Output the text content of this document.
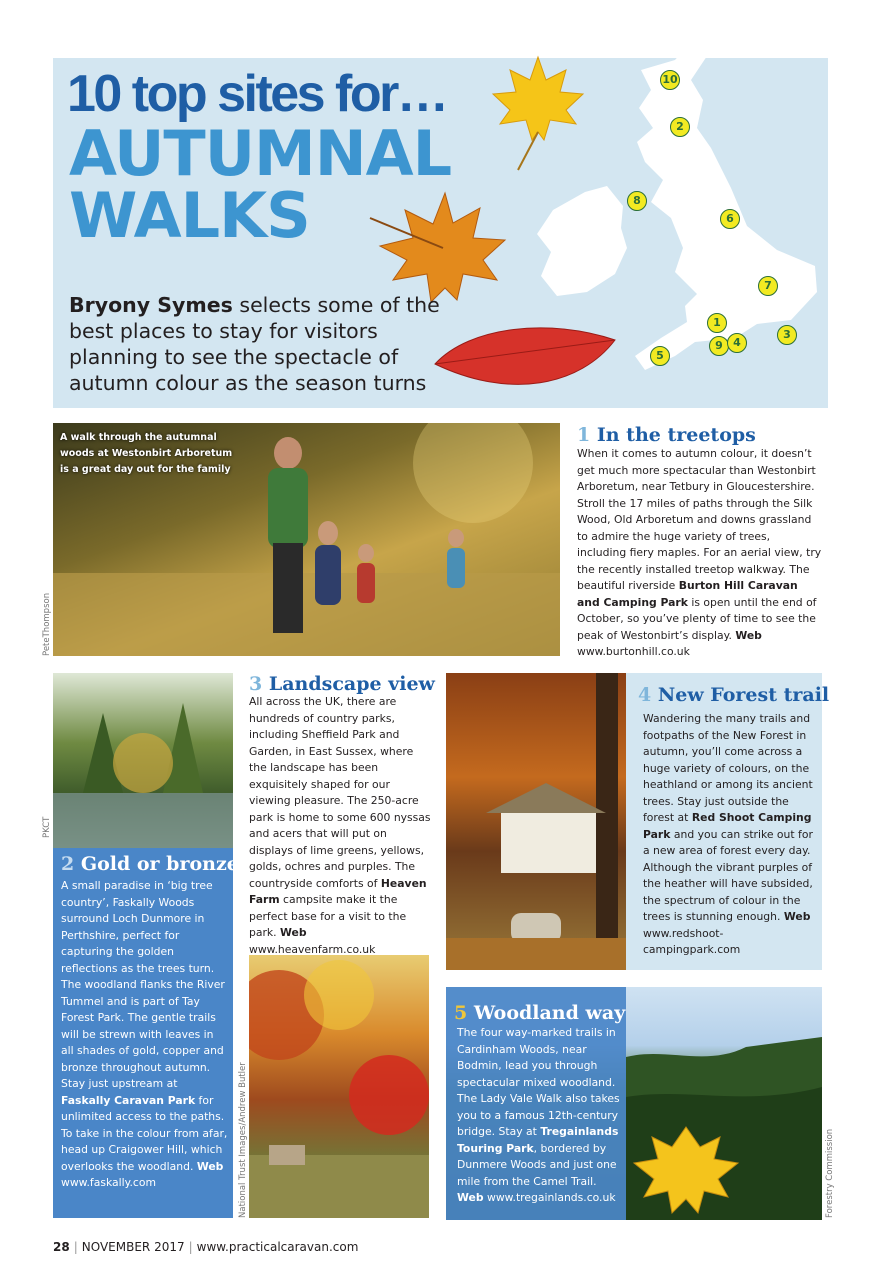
10 top sites for…
AUTUMNAL
WALKS
10
2
8
6
7
1
3
9 4
5
Bryony Symes selects some of the best places to stay for visitors planning to see the spectacle of autumn colour as the season turns
A walk through the autumnal woods at Westonbirt Arboretum is a great day out for the family
PeteThompson
1 In the treetops
When it comes to autumn colour, it doesn’t get much more spectacular than Westonbirt Arboretum, near Tetbury in Gloucestershire. Stroll the 17 miles of paths through the Silk Wood, Old Arboretum and downs grassland to admire the huge variety of trees, including fiery maples. For an aerial view, try the recently installed treetop walkway. The beautiful riverside Burton Hill Caravan and Camping Park is open until the end of October, so you’ve plenty of time to see the peak of Westonbirt’s display. Web www.burtonhill.co.uk
PKCT
2 Gold or bronze
A small paradise in ‘big tree country’, Faskally Woods surround Loch Dunmore in Perthshire, perfect for capturing the golden reflections as the trees turn. The woodland flanks the River Tummel and is part of Tay Forest Park. The gentle trails will be strewn with leaves in all shades of gold, copper and bronze throughout autumn. Stay just upstream at Faskally Caravan Park for unlimited access to the paths. To take in the colour from afar, head up Craigower Hill, which overlooks the woodland. Web www.faskally.com
3 Landscape view
All across the UK, there are hundreds of country parks, including Sheffield Park and Garden, in East Sussex, where the landscape has been exquisitely shaped for our viewing pleasure. The 250-acre park is home to some 600 nyssas and acers that will put on displays of lime greens, yellows, golds, ochres and purples. The countryside comforts of Heaven Farm campsite make it the perfect base for a visit to the park. Web www.heavenfarm.co.uk
National Trust Images/Andrew Butler
4 New Forest trail
Wandering the many trails and footpaths of the New Forest in autumn, you’ll come across a huge variety of colours, on the heathland or among its ancient trees. Stay just outside the forest at Red Shoot Camping Park and you can strike out for a new area of forest every day. Although the vibrant purples of the heather will have subsided, the spectrum of colour in the trees is stunning enough. Web www.redshoot-campingpark.com
5 Woodland way
The four way-marked trails in Cardinham Woods, near Bodmin, lead you through spectacular mixed woodland. The Lady Vale Walk also takes you to a famous 12th-century bridge. Stay at Tregainlands Touring Park, bordered by Dunmere Woods and just one mile from the Camel Trail. Web www.tregainlands.co.uk	Forestry Commission
28 | NOVEMBER 2017 | www.practicalcaravan.com
